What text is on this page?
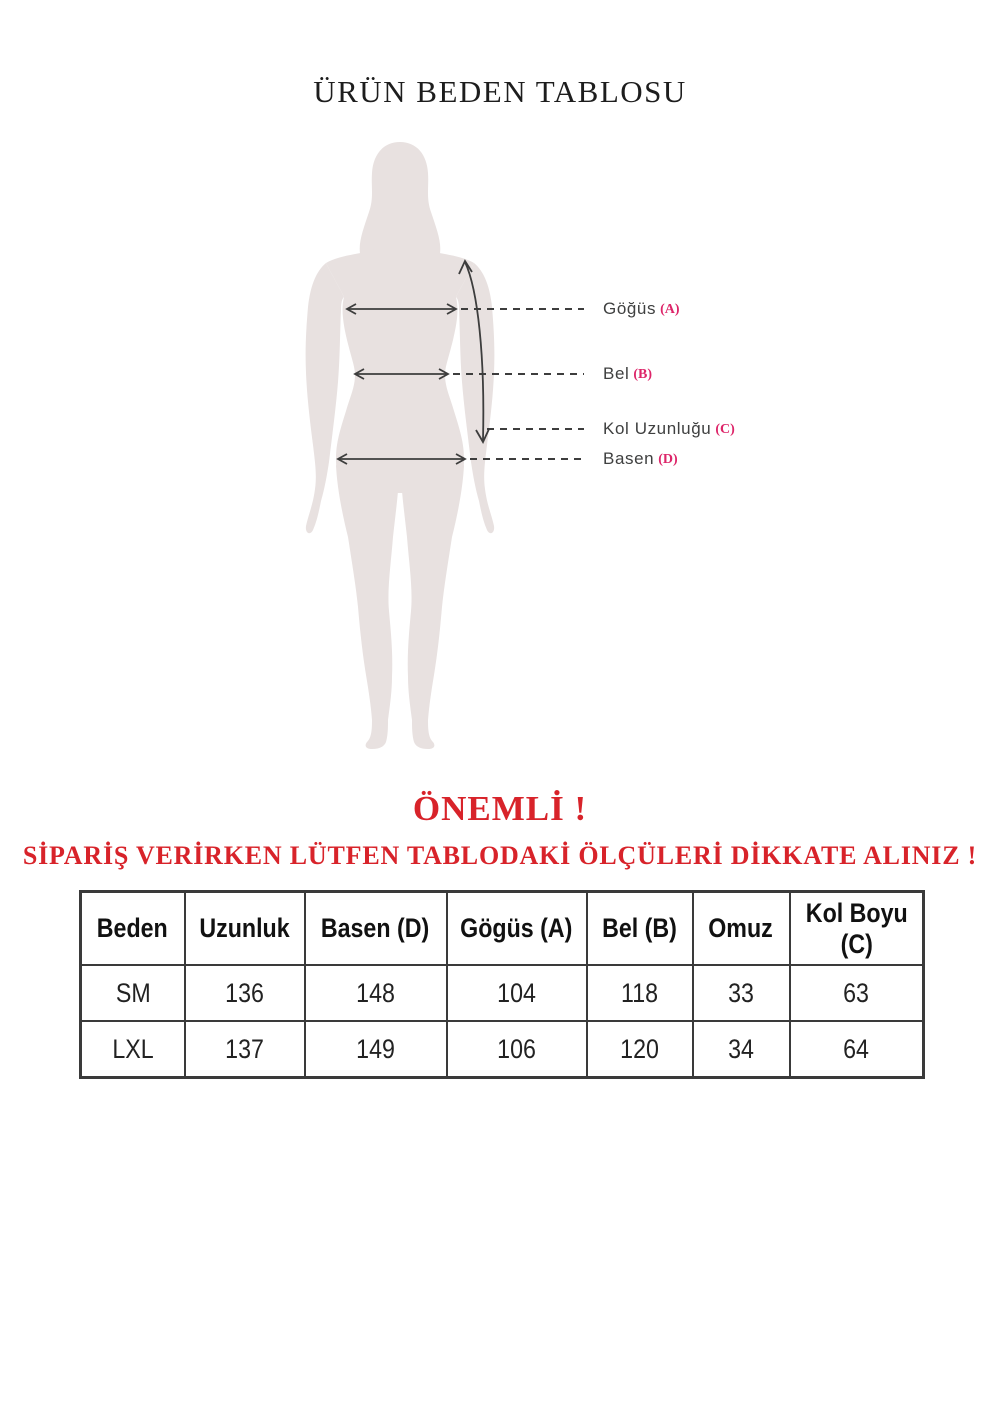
ÜRÜN BEDEN TABLOSU
Göğüs (A)
Bel (B)
Kol Uzunluğu (C)
Basen (D)
ÖNEMLİ !
SİPARİŞ VERİRKEN LÜTFEN TABLODAKİ ÖLÇÜLERİ DİKKATE ALINIZ !
Beden	Uzunluk	Basen (D)	Gögüs (A)	Bel (B)	Omuz	Kol Boyu (C)
SM	136	148	104	118	33	63
LXL	137	149	106	120	34	64
